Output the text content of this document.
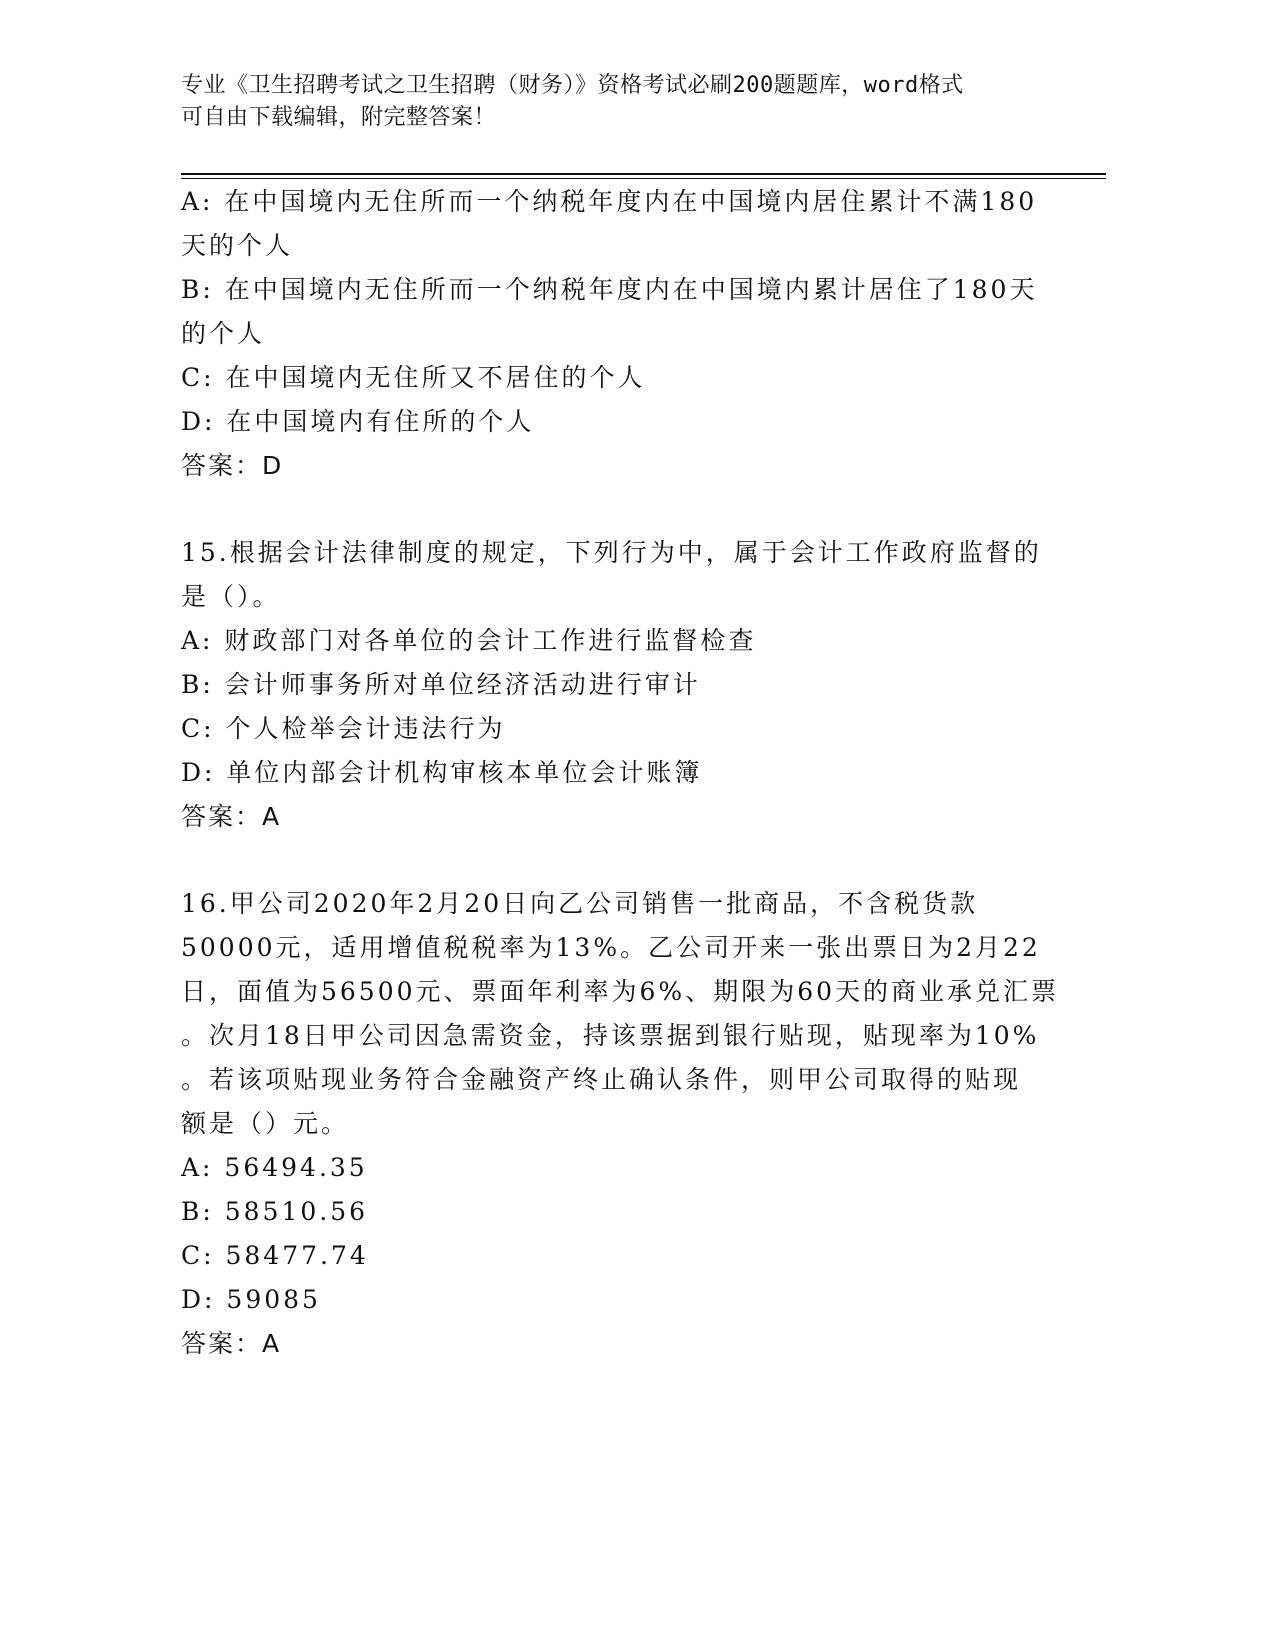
专业《卫生招聘考试之卫生招聘（财务）》资格考试必刷200题题库，word格式
可自由下载编辑，附完整答案！
A: 在中国境内无住所而一个纳税年度内在中国境内居住累计不满180
天的个人
B: 在中国境内无住所而一个纳税年度内在中国境内累计居住了180天
的个人
C: 在中国境内无住所又不居住的个人
D: 在中国境内有住所的个人
答案：D
15.根据会计法律制度的规定，下列行为中，属于会计工作政府监督的
是（）。
A: 财政部门对各单位的会计工作进行监督检查
B: 会计师事务所对单位经济活动进行审计
C: 个人检举会计违法行为
D: 单位内部会计机构审核本单位会计账簿
答案：A
16.甲公司2020年2月20日向乙公司销售一批商品，不含税货款
50000元，适用增值税税率为13%。乙公司开来一张出票日为2月22
日，面值为56500元、票面年利率为6%、期限为60天的商业承兑汇票
。次月18日甲公司因急需资金，持该票据到银行贴现，贴现率为10%
。若该项贴现业务符合金融资产终止确认条件，则甲公司取得的贴现
额是（）元。
A: 56494.35
B: 58510.56
C: 58477.74
D: 59085
答案：A
